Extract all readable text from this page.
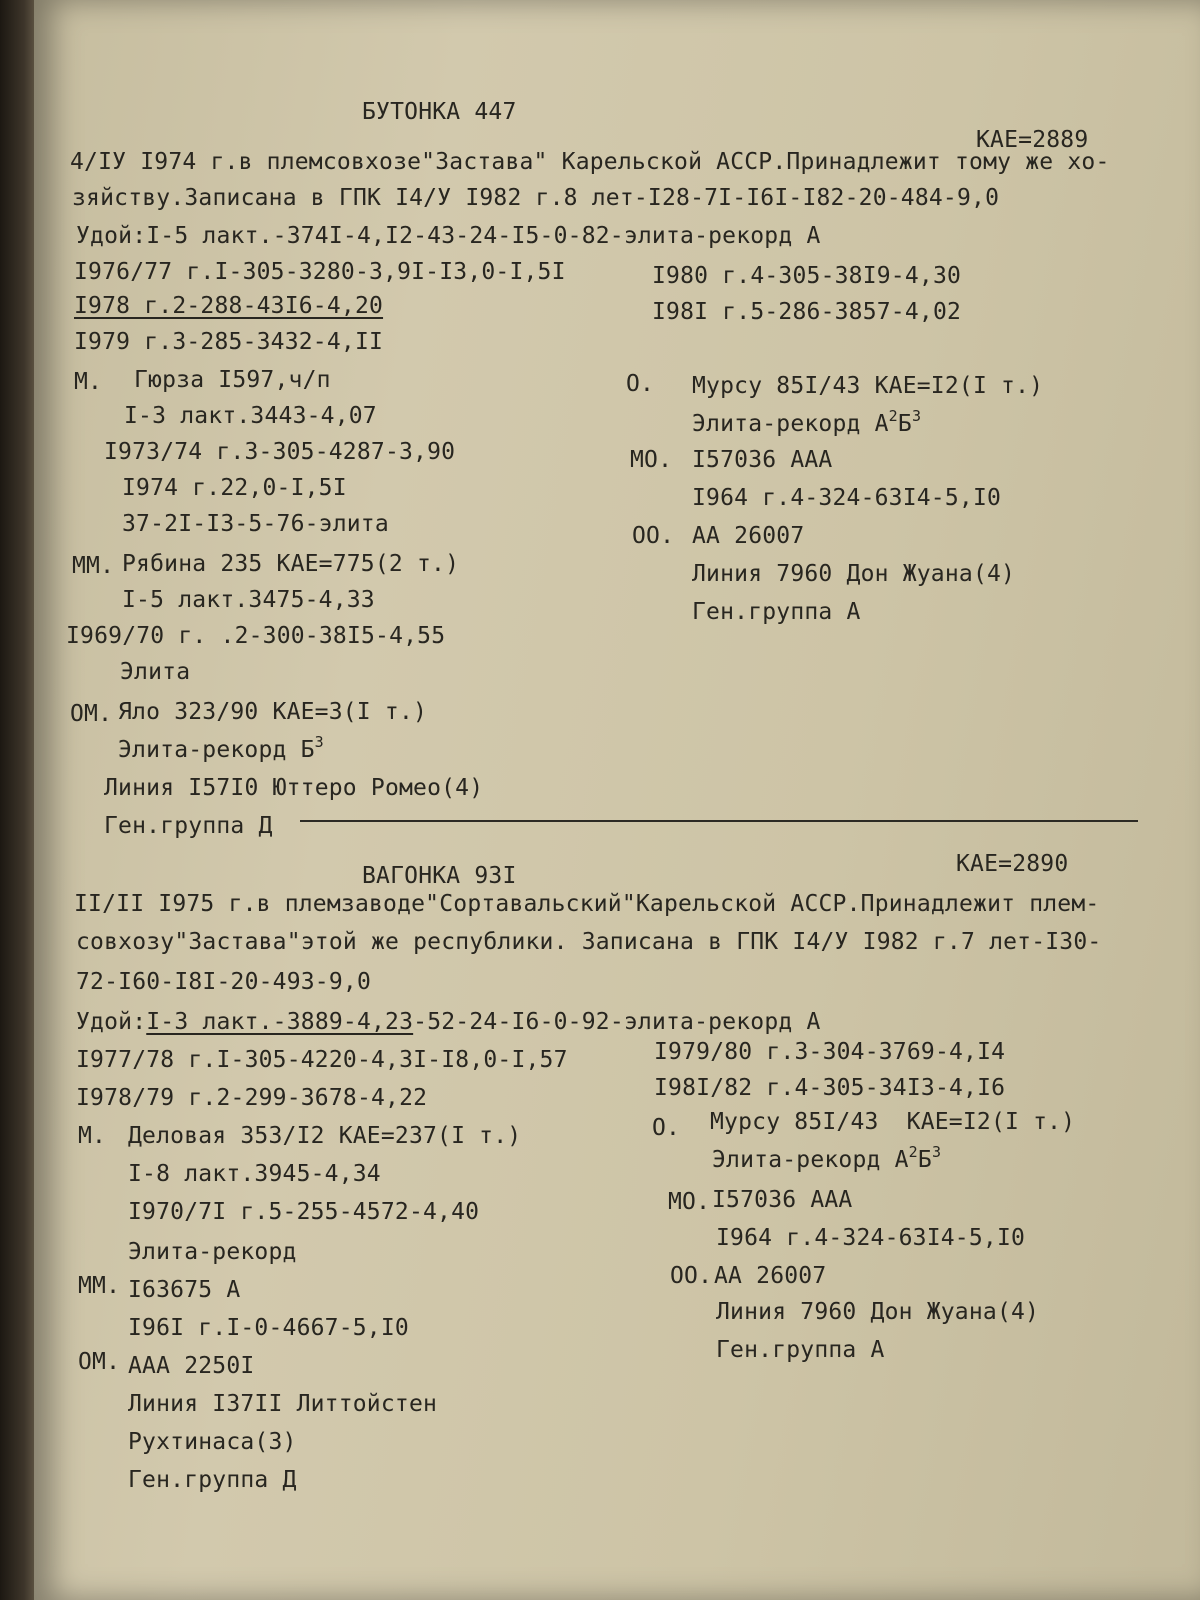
БУТОНКА 447
КАЕ=2889
4/IУ I974 г.в племсовхозе"Застава" Карельской АССР.Принадлежит тому же хо-
зяйству.Записана в ГПК I4/У I982 г.8 лет-I28-7I-I6I-I82-20-484-9,0
Удой:I-5 лакт.-374I-4,I2-43-24-I5-0-82-элита-рекорд А
I976/77 г.I-305-3280-3,9I-I3,0-I,5I
I978 г.2-288-43I6-4,20
I979 г.3-285-3432-4,II
I980 г.4-305-38I9-4,30
I98I г.5-286-3857-4,02
М. Гюрза I597,ч/п
I-3 лакт.3443-4,07
I973/74 г.3-305-4287-3,90
I974 г.22,0-I,5I
37-2I-I3-5-76-элита
ММ. Рябина 235 КАЕ=775(2 т.)
I-5 лакт.3475-4,33
I969/70 г. .2-300-38I5-4,55
Элита
ОМ. Яло 323/90 КАЕ=3(I т.)
Элита-рекорд $Б^3$
Линия I57I0 Юттеро Ромео(4)
Ген.группа Д
О. Мурсу 85I/43 КАЕ=I2(I т.)
Элита-рекорд $А^2Б^3$
МО. I57036 ААА
I964 г.4-324-63I4-5,I0
ОО. АА 26007
Линия 7960 Дон Жуана(4)
Ген.группа А
КАЕ=2890
ВАГОНКА 93I
II/II I975 г.в племзаводе"Сортавальский"Карельской АССР.Принадлежит плем-
совхозу"Застава"этой же республики. Записана в ГПК I4/У I982 г.7 лет-I30-
72-I60-I8I-20-493-9,0
Удой:I-3 лакт.-3889-4,23-52-24-I6-0-92-элита-рекорд А
I977/78 г.I-305-4220-4,3I-I8,0-I,57
I978/79 г.2-299-3678-4,22
I979/80 г.3-304-3769-4,I4
I98I/82 г.4-305-34I3-4,I6
М. Деловая 353/I2 КАЕ=237(I т.)
I-8 лакт.3945-4,34
I970/7I г.5-255-4572-4,40
Элита-рекорд
ММ. I63675 А
I96I г.I-0-4667-5,I0
ОМ. ААА 2250I
Линия I37II Литтойстен
Рухтинаса(3)
Ген.группа Д
О. Мурсу 85I/43  КАЕ=I2(I т.)
Элита-рекорд $А^2Б^3$
МО. I57036 ААА
I964 г.4-324-63I4-5,I0
ОО. АА 26007
Линия 7960 Дон Жуана(4)
Ген.группа А
